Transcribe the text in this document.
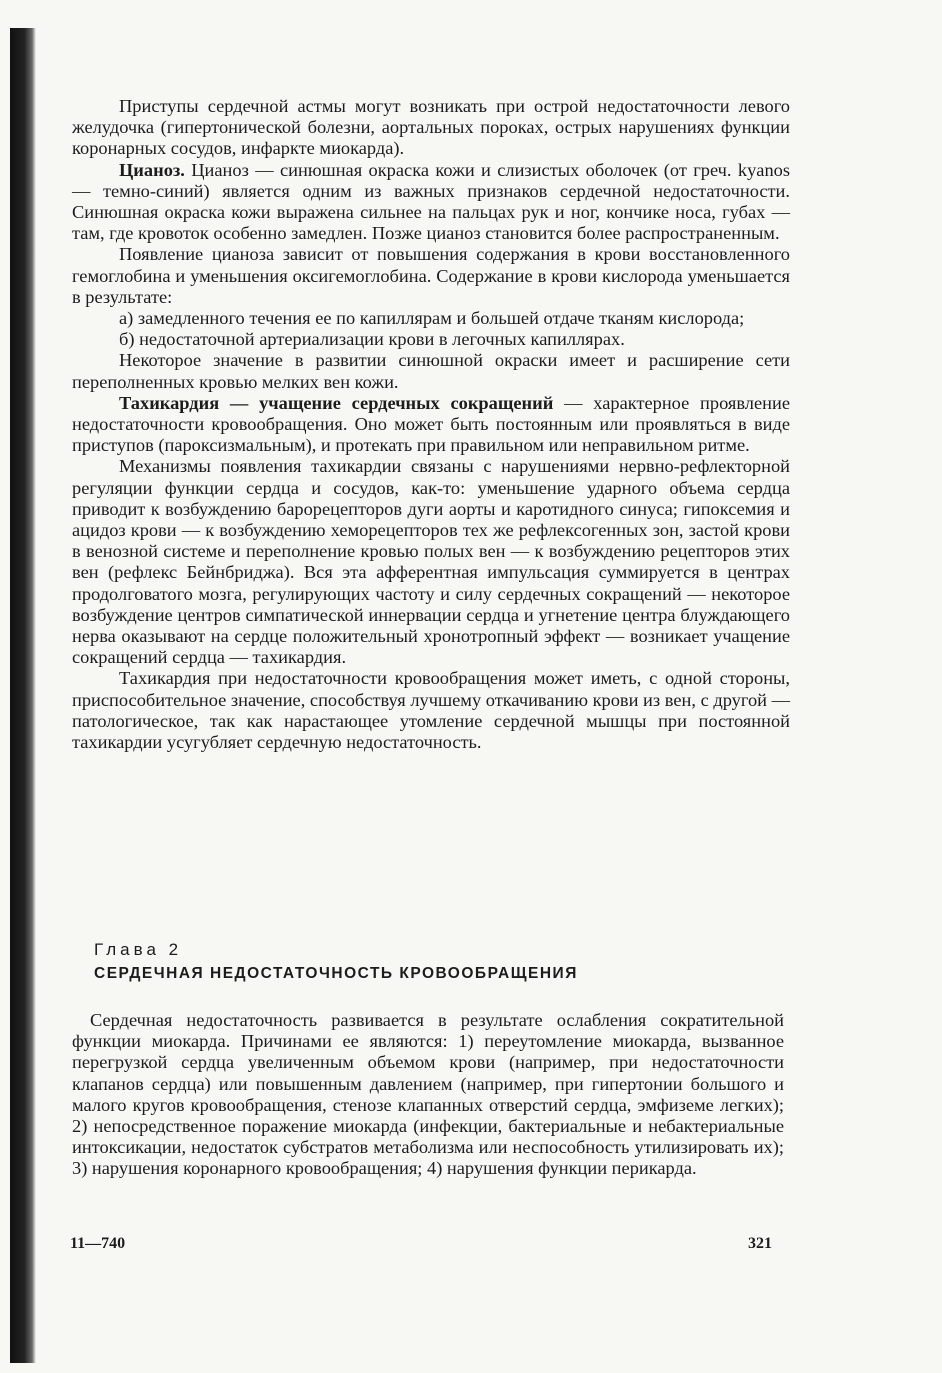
Приступы сердечной астмы могут возникать при острой недостаточности левого желудочка (гипертонической болезни, аортальных пороках, острых нарушениях функции коронарных сосудов, инфаркте миокарда).

Цианоз. Цианоз — синюшная окраска кожи и слизистых оболочек (от греч. kyanos — темно-синий) является одним из важных признаков сердечной недостаточности. Синюшная окраска кожи выражена сильнее на пальцах рук и ног, кончике носа, губах — там, где кровоток особенно замедлен. Позже цианоз становится более распространенным.

Появление цианоза зависит от повышения содержания в крови восстановленного гемоглобина и уменьшения оксигемоглобина. Содержание в крови кислорода уменьшается в результате:

а) замедленного течения ее по капиллярам и большей отдаче тканям кислорода;

б) недостаточной артериализации крови в легочных капиллярах.

Некоторое значение в развитии синюшной окраски имеет и расширение сети переполненных кровью мелких вен кожи.

Тахикардия — учащение сердечных сокращений — характерное проявление недостаточности кровообращения. Оно может быть постоянным или проявляться в виде приступов (пароксизмальным), и протекать при правильном или неправильном ритме.

Механизмы появления тахикардии связаны с нарушениями нервно-рефлекторной регуляции функции сердца и сосудов, как-то: уменьшение ударного объема сердца приводит к возбуждению барорецепторов дуги аорты и каротидного синуса; гипоксемия и ацидоз крови — к возбуждению хеморецепторов тех же рефлексогенных зон, застой крови в венозной системе и переполнение кровью полых вен — к возбуждению рецепторов этих вен (рефлекс Бейнбриджа). Вся эта афферентная импульсация суммируется в центрах продолговатого мозга, регулирующих частоту и силу сердечных сокращений — некоторое возбуждение центров симпатической иннервации сердца и угнетение центра блуждающего нерва оказывают на сердце положительный хронотропный эффект — возникает учащение сокращений сердца — тахикардия.

Тахикардия при недостаточности кровообращения может иметь, с одной стороны, приспособительное значение, способствуя лучшему откачиванию крови из вен, с другой — патологическое, так как нарастающее утомление сердечной мышцы при постоянной тахикардии усугубляет сердечную недостаточность.

Глава 2
СЕРДЕЧНАЯ НЕДОСТАТОЧНОСТЬ КРОВООБРАЩЕНИЯ

Сердечная недостаточность развивается в результате ослабления сократительной функции миокарда. Причинами ее являются: 1) переутомление миокарда, вызванное перегрузкой сердца увеличенным объемом крови (например, при недостаточности клапанов сердца) или повышенным давлением (например, при гипертонии большого и малого кругов кровообращения, стенозе клапанных отверстий сердца, эмфиземе легких); 2) непосредственное поражение миокарда (инфекции, бактериальные и небактериальные интоксикации, недостаток субстратов метаболизма или неспособность утилизировать их); 3) нарушения коронарного кровообращения; 4) нарушения функции перикарда.

11—740	321
